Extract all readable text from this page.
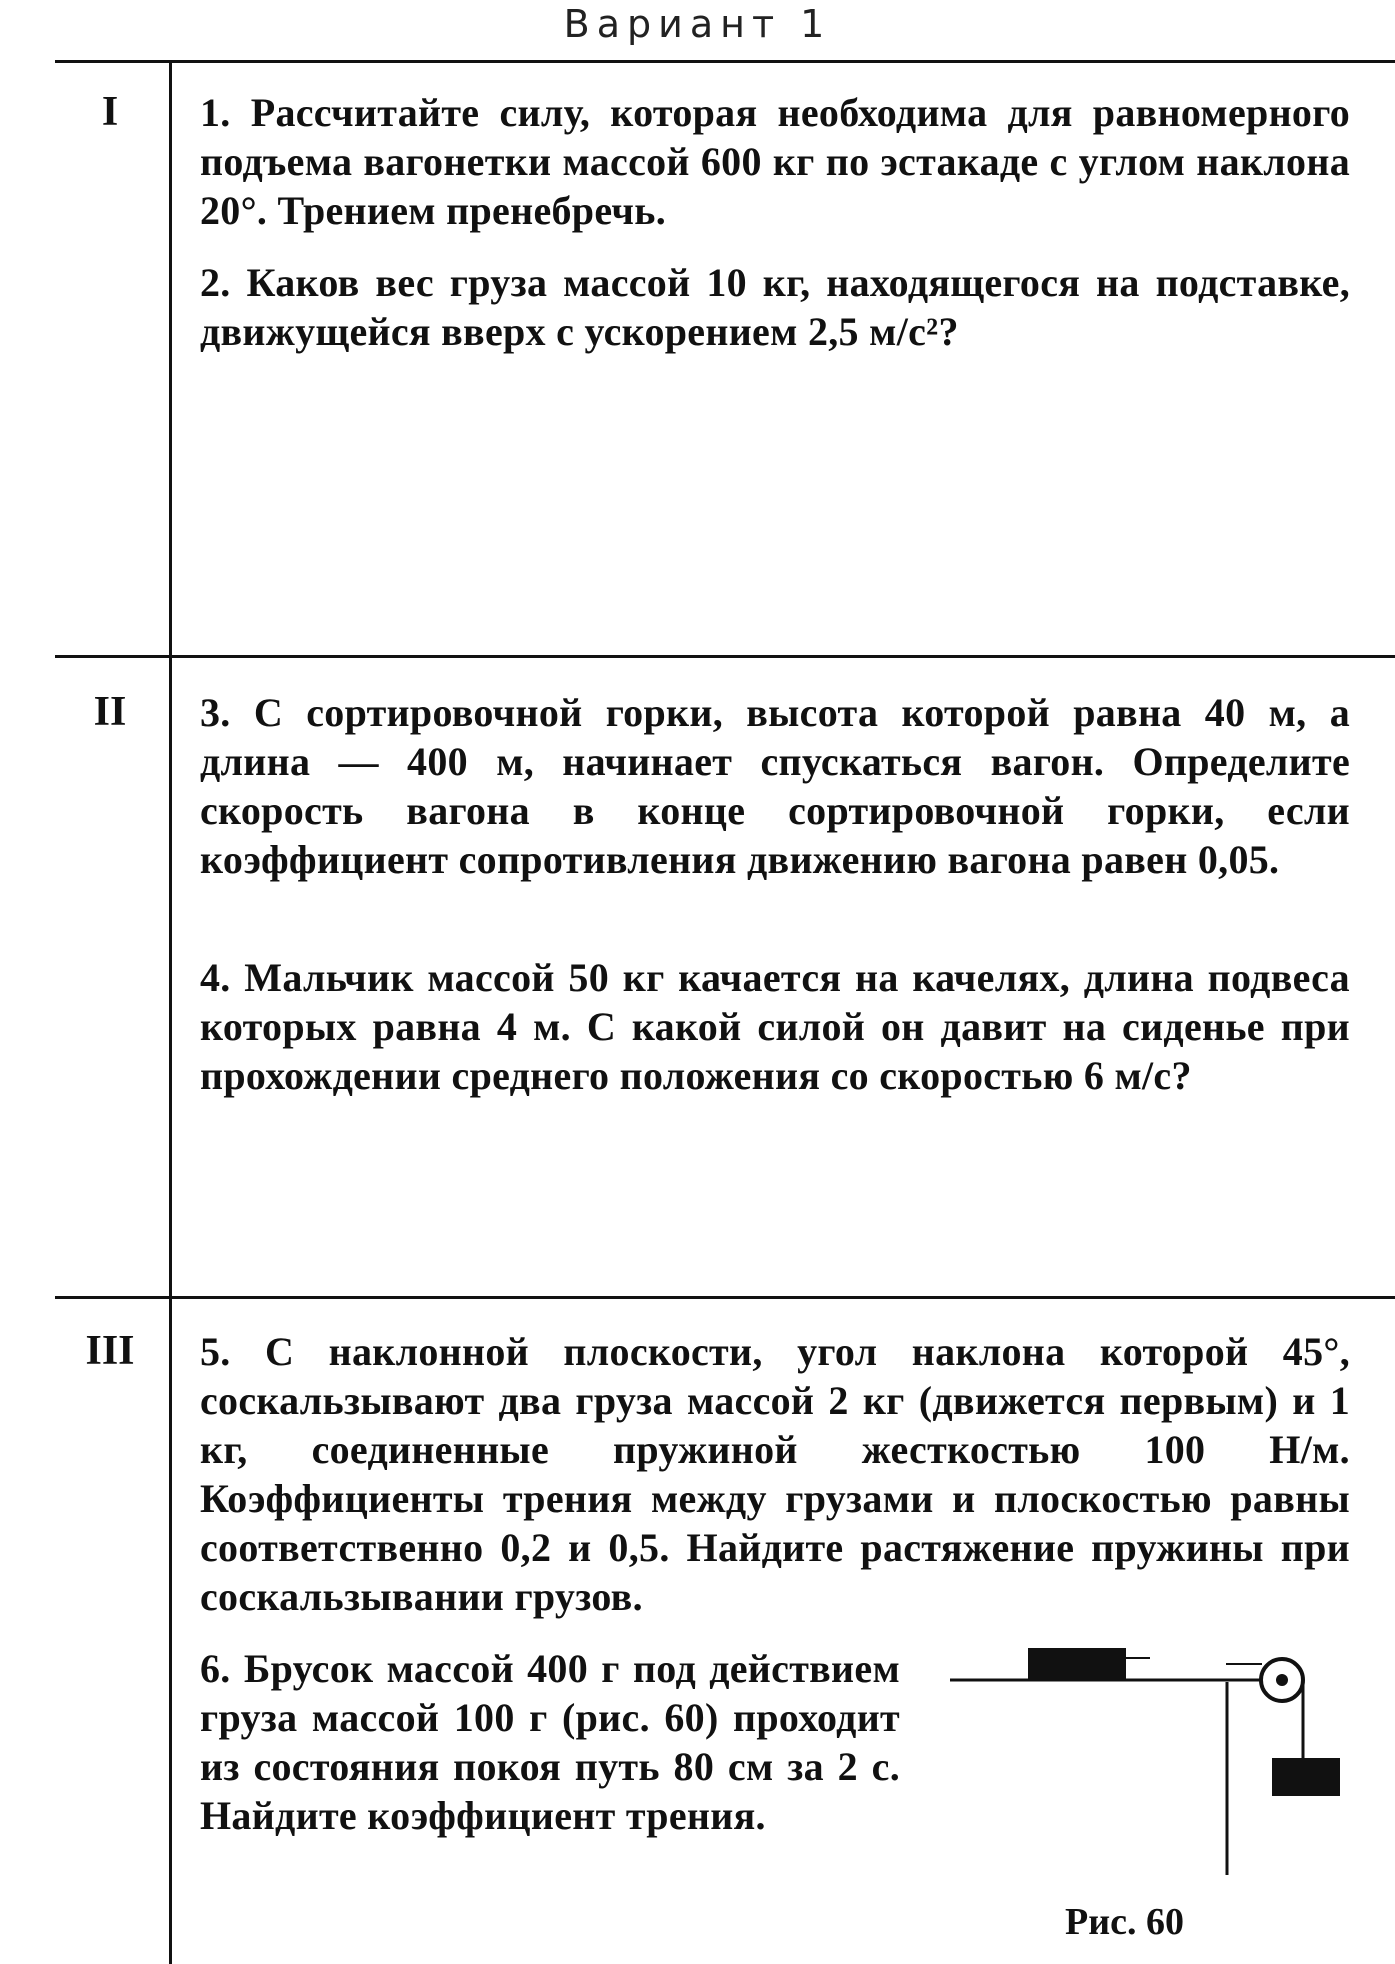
Вариант 1
I	1. Рассчитайте силу, которая необходима для равномерного подъема вагонетки массой 600 кг по эстакаде с углом наклона 20°. Трением пренебречь.
2. Каков вес груза массой 10 кг, находящегося на подставке, движущейся вверх с ускорением 2,5 м/с²?
II	3. С сортировочной горки, высота которой равна 40 м, а длина — 400 м, начинает спускаться вагон. Определите скорость вагона в конце сортировочной горки, если коэффициент сопротивления движению вагона равен 0,05.
4. Мальчик массой 50 кг качается на качелях, длина подвеса которых равна 4 м. С какой силой он давит на сиденье при прохождении среднего положения со скоростью 6 м/с?
III	5. С наклонной плоскости, угол наклона которой 45°, соскальзывают два груза массой 2 кг (движется первым) и 1 кг, соединенные пружиной жесткостью 100 Н/м. Коэффициенты трения между грузами и плоскостью равны соответственно 0,2 и 0,5. Найдите растяжение пружины при соскальзывании грузов.
6. Брусок массой 400 г под действием груза массой 100 г (рис. 60) проходит из состояния покоя путь 80 см за 2 с. Найдите коэффициент трения.
Рис. 60
